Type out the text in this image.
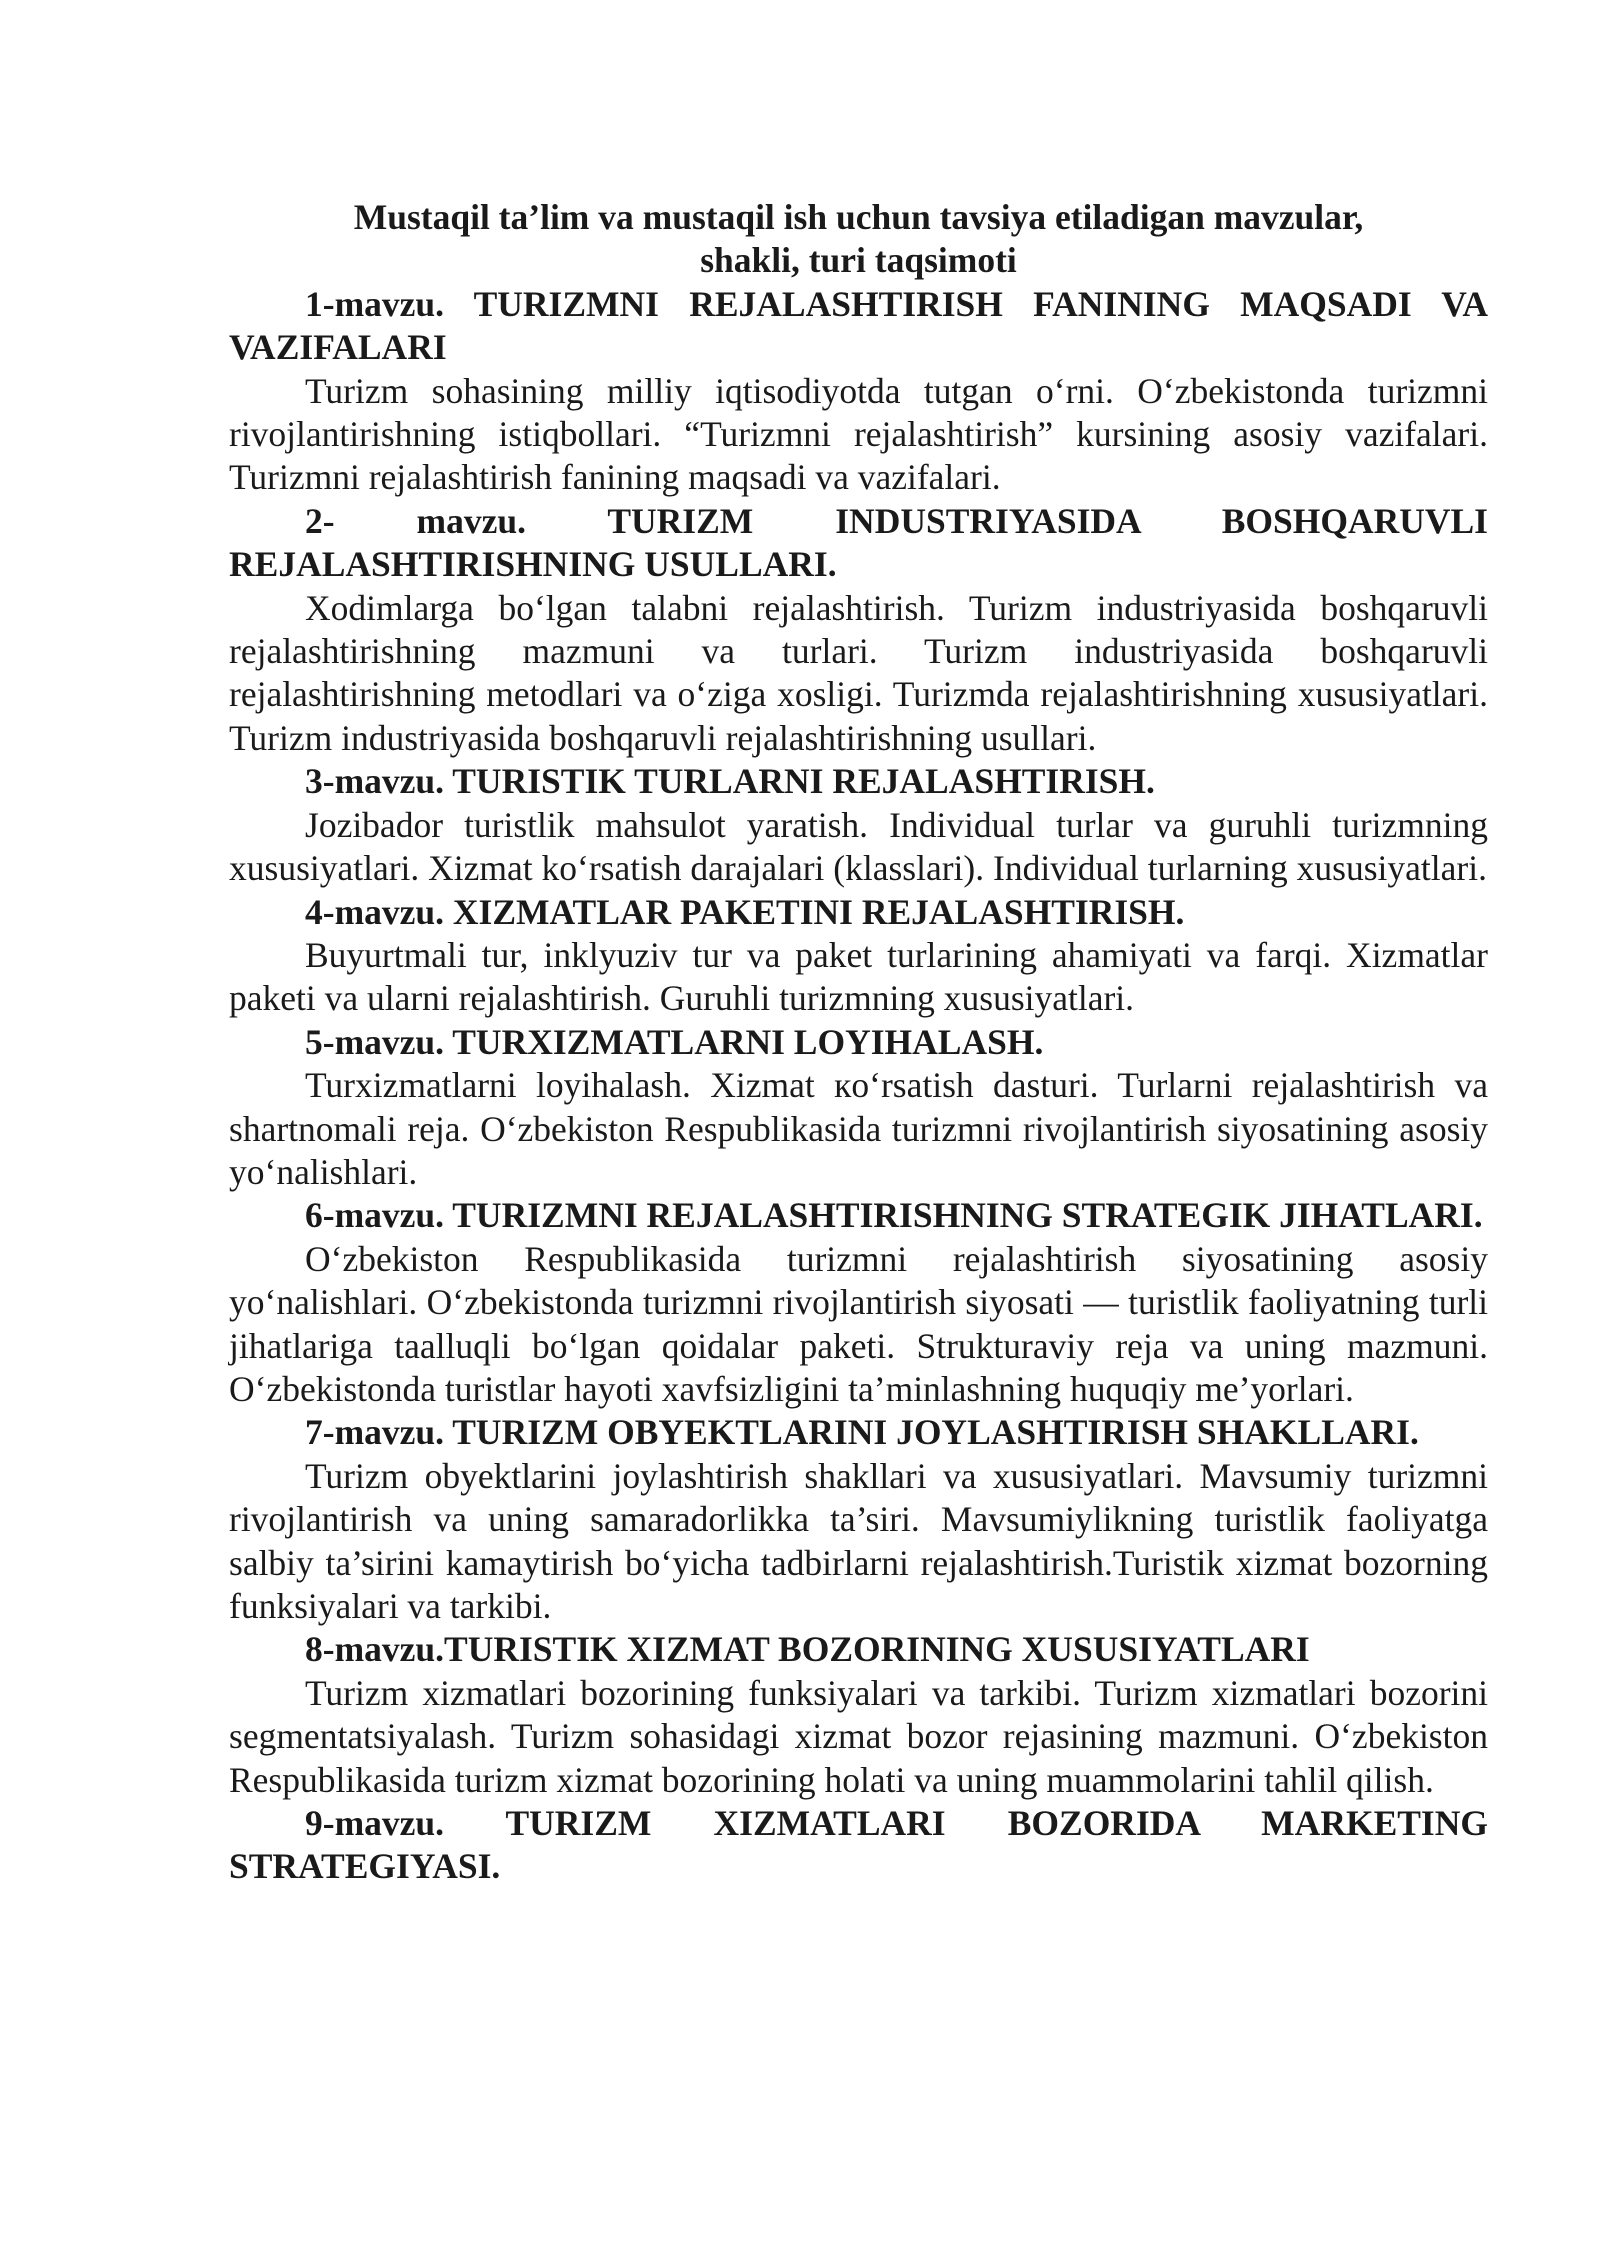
Mustaqil ta’lim va mustaqil ish uchun tavsiya etiladigan mavzular,
shakli, turi taqsimoti

1-mavzu. TURIZMNI REJALASHTIRISH FANINING MAQSADI VA VAZIFALARI

Turizm sohasining milliy iqtisodiyotda tutgan o‘rni. O‘zbekistonda turizmni rivojlantirishning istiqbollari. “Turizmni rejalashtirish” kursining asosiy vazifalari. Turizmni rejalashtirish fanining maqsadi va vazifalari.

2- mavzu. TURIZM INDUSTRIYASIDA BOSHQARUVLI REJALASHTIRISHNING USULLARI.

Xodimlarga bo‘lgan talabni rejalashtirish. Turizm industriyasida boshqaruvli rejalashtirishning mazmuni va turlari. Turizm industriyasida boshqaruvli rejalashtirishning metodlari va o‘ziga xosligi. Turizmda rejalashtirishning xususiyatlari. Turizm industriyasida boshqaruvli rejalashtirishning usullari.

3-mavzu. TURISTIK TURLARNI REJALASHTIRISH.

Jozibador turistlik mahsulot yaratish. Individual turlar va guruhli turizmning xususiyatlari. Xizmat ko‘rsatish darajalari (klasslari). Individual turlarning xususiyatlari.

4-mavzu. XIZMATLAR PAKETINI REJALASHTIRISH.

Buyurtmali tur, inklyuziv tur va paket turlarining ahamiyati va farqi. Xizmatlar paketi va ularni rejalashtirish. Guruhli turizmning xususiyatlari.

5-mavzu. TURXIZMATLARNI LOYIHALASH.

Turxizmatlarni loyihalash. Xizmat кo‘rsatish dasturi. Turlarni rejalashtirish va shartnomali reja. O‘zbekiston Respublikasida turizmni rivojlantirish siyosatining asosiy yo‘nalishlari.

6-mavzu. TURIZMNI REJALASHTIRISHNING STRATEGIK JIHATLARI.

O‘zbekiston Respublikasida turizmni rejalashtirish siyosatining asosiy yo‘nalishlari. O‘zbekistonda turizmni rivojlantirish siyosati — turistlik faoliyatning turli jihatlariga taalluqli bo‘lgan qoidalar paketi. Strukturaviy reja va uning mazmuni. O‘zbekistonda turistlar hayoti xavfsizligini ta’minlashning huquqiy me’yorlari.

7-mavzu. TURIZM OBYEKTLARINI JOYLASHTIRISH SHAKLLARI.

Turizm obyektlarini joylashtirish shakllari va xususiyatlari. Mavsumiy turizmni rivojlantirish va uning samaradorlikka ta’siri. Mavsumiylikning turistlik faoliyatga salbiy ta’sirini kamaytirish bo‘yicha tadbirlarni rejalashtirish.Turistik xizmat bozorning funksiyalari va tarkibi.

8-mavzu.TURISTIK XIZMAT BOZORINING XUSUSIYATLARI

Turizm xizmatlari bozorining funksiyalari va tarkibi. Turizm xizmatlari bozorini segmentatsiyalash. Turizm sohasidagi xizmat bozor rejasining mazmuni. O‘zbekiston Respublikasida turizm xizmat bozorining holati va uning muammolarini tahlil qilish.

9-mavzu. TURIZM XIZMATLARI BOZORIDA MARKETING STRATEGIYASI.
